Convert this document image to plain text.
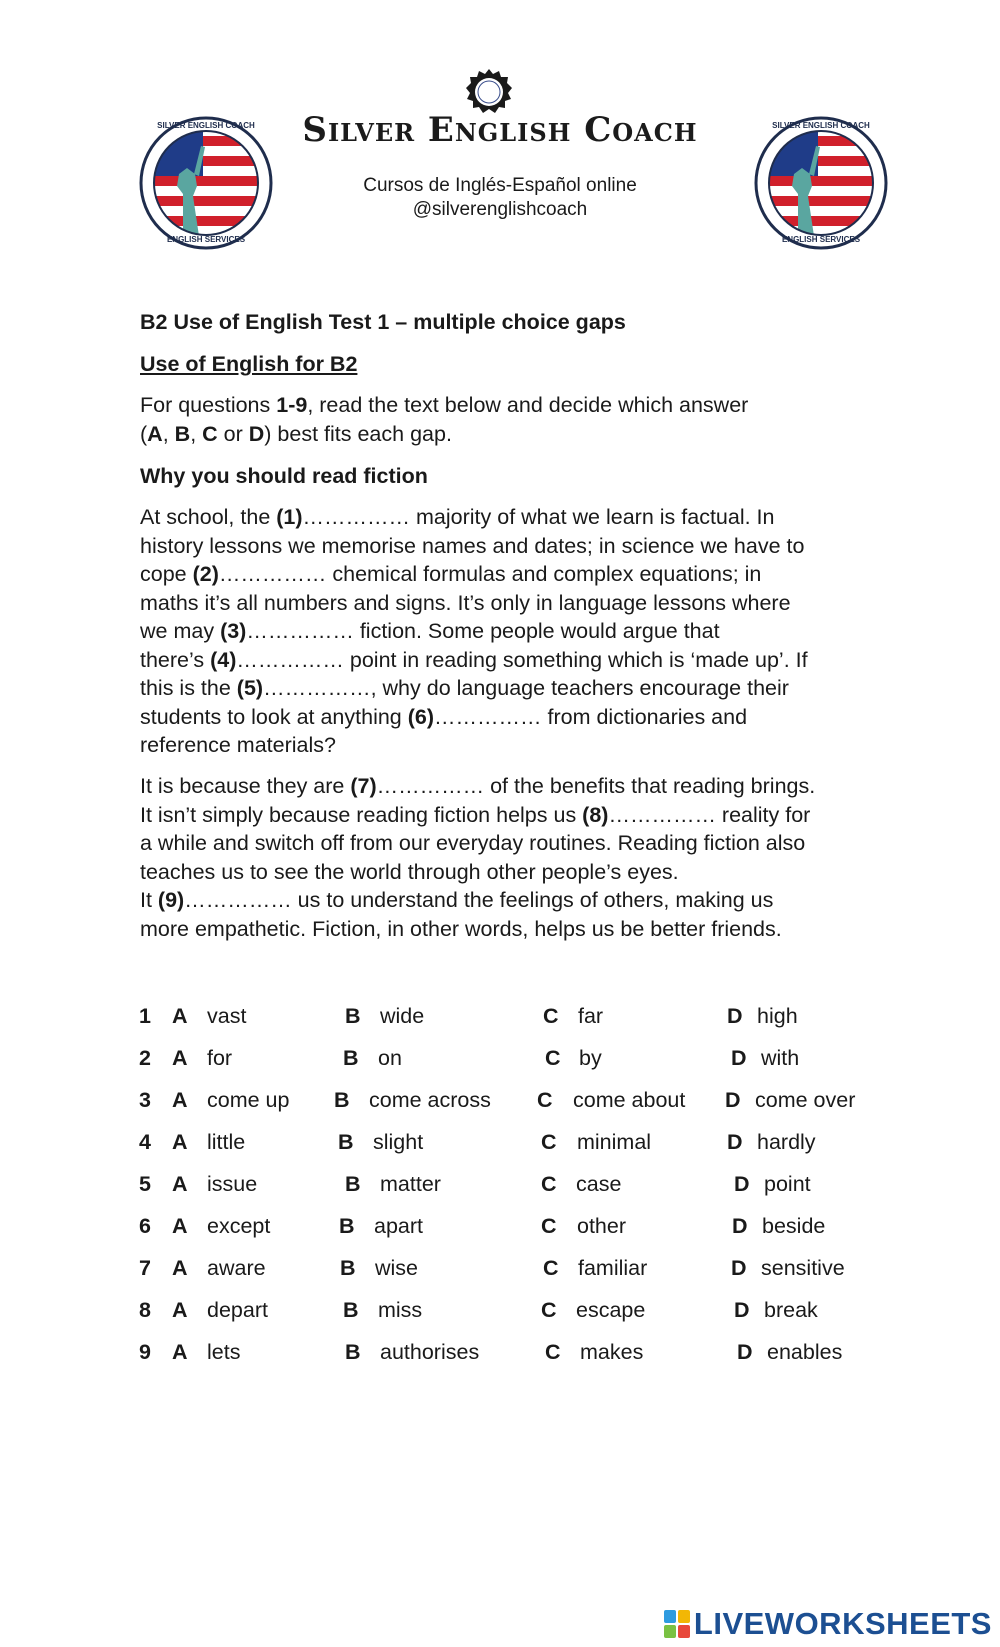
SILVER ENGLISH COACH
ENGLISH SERVICES
SILVER ENGLISH COACH
ENGLISH SERVICES
Silver English Coach
Cursos de Inglés-Español online
@silverenglishcoach
B2 Use of English Test 1 – multiple choice gaps
Use of English for B2

For questions 1-9, read the text below and decide which answer

(A, B, C or D) best fits each gap.

Why you should read fiction

At school, the (1)…………… majority of what we learn is factual. In

history lessons we memorise names and dates; in science we have to

cope (2)…………… chemical formulas and complex equations; in

maths it’s all numbers and signs. It’s only in language lessons where

we may (3)…………… fiction. Some people would argue that

there’s (4)…………… point in reading something which is ‘made up’. If

this is the (5)……………, why do language teachers encourage their

students to look at anything (6)…………… from dictionaries and

reference materials?

It is because they are (7)…………… of the benefits that reading brings.

It isn’t simply because reading fiction helps us (8)…………… reality for

a while and switch off from our everyday routines. Reading fiction also

teaches us to see the world through other people’s eyes.

It (9)…………… us to understand the feelings of others, making us

more empathetic. Fiction, in other words, helps us be better friends.

1 A vast	B wide	C far	D high
2 A for	B on	C by	D with
3 A come up B come across C come about D come over
4 A little	B slight	C minimal	D hardly
5 A issue	B matter	C case	D point
6 A except	B apart	C other	D beside
7 A aware	B wise	C familiar	D sensitive
8 A depart	B miss	C escape	D break
9 A lets	B authorises	C makes	D enables
LIVEWORKSHEETS
